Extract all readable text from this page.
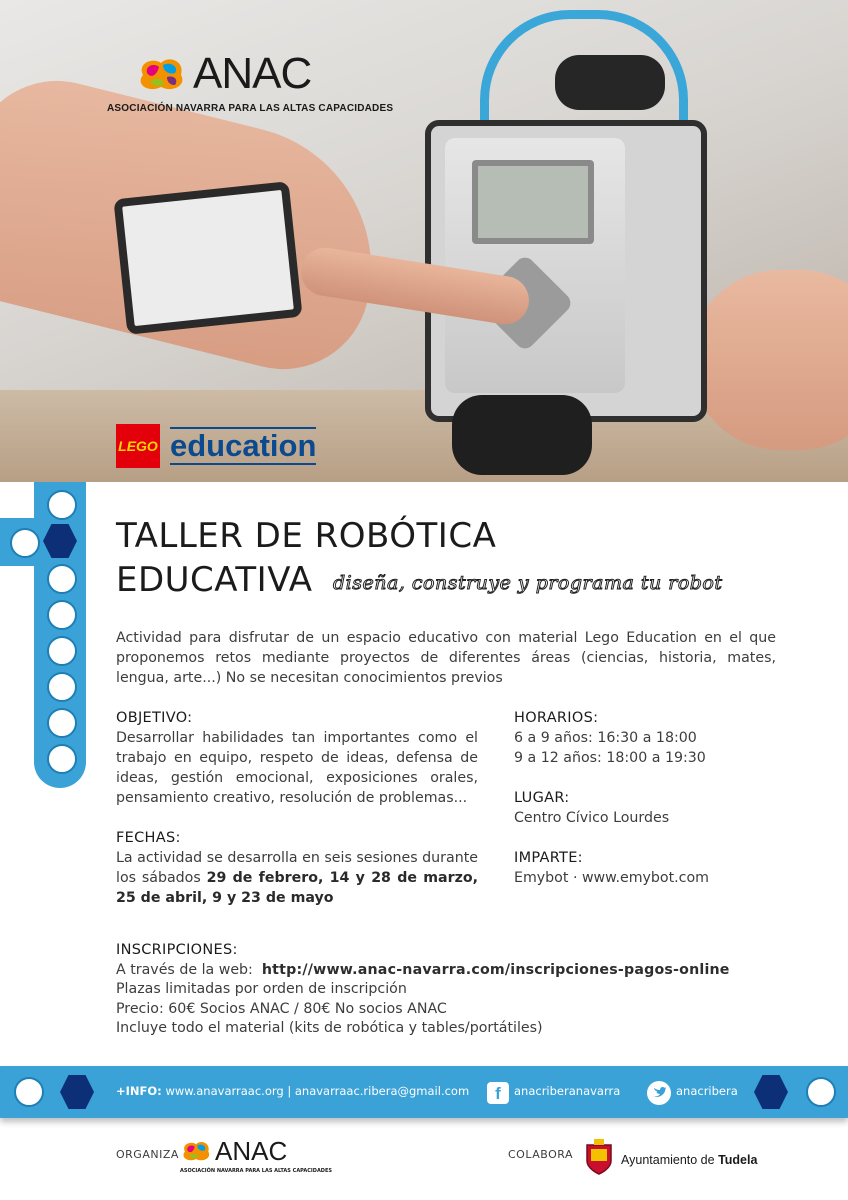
ANAC
ASOCIACIÓN NAVARRA PARA LAS ALTAS CAPACIDADES
LEGO education
TALLER DE ROBÓTICA
EDUCATIVA	diseña, construye y programa tu robot
Actividad para disfrutar de un espacio educativo con material Lego Education en el que proponemos retos mediante proyectos de diferentes áreas (ciencias, historia, mates, lengua, arte...) No se necesitan conocimientos previos
OBJETIVO:
Desarrollar habilidades tan importantes como el trabajo en equipo, respeto de ideas, defensa de ideas, gestión emocional, exposiciones orales, pensamiento creativo, resolución de problemas...
FECHAS:
La actividad se desarrolla en seis sesiones durante los sábados 29 de febrero, 14 y 28 de marzo, 25 de abril, 9 y 23 de mayo
HORARIOS:
6 a 9 años: 16:30 a 18:00
9 a 12 años: 18:00 a 19:30
LUGAR:
Centro Cívico Lourdes
IMPARTE:
Emybot · www.emybot.com
INSCRIPCIONES:
A través de la web: http://www.anac-navarra.com/inscripciones-pagos-online
Plazas limitadas por orden de inscripción
Precio: 60€ Socios ANAC / 80€ No socios ANAC
Incluye todo el material (kits de robótica y tables/portátiles)
+INFO: www.anavarraac.org | anavarraac.ribera@gmail.com	anacriberanavarra	anacribera
f
ORGANIZA ANAC
ASOCIACIÓN NAVARRA PARA LAS ALTAS CAPACIDADES
COLABORA	Ayuntamiento de Tudela
